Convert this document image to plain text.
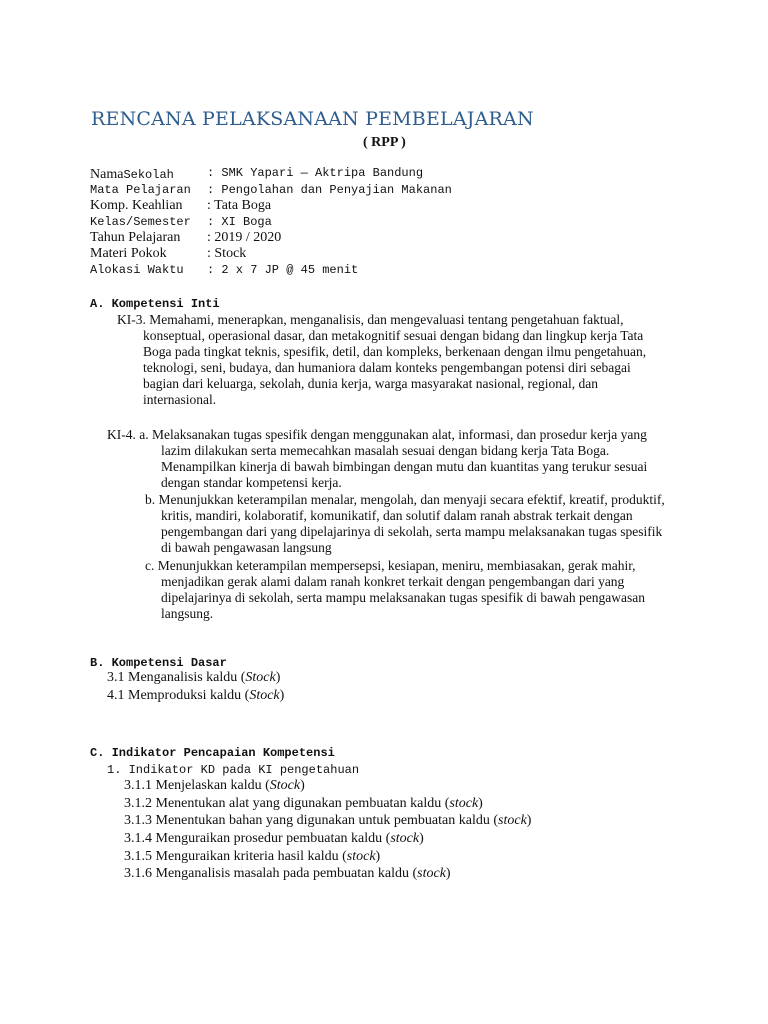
RENCANA PELAKSANAAN PEMBELAJARAN
( RPP )
NamaSekolah	: SMK Yapari — Aktripa Bandung
Mata Pelajaran : Pengolahan dan Penyajian Makanan
Komp. Keahlian : Tata Boga
Kelas/Semester : XI Boga
Tahun Pelajaran : 2019 / 2020
Materi Pokok	: Stock
Alokasi Waktu : 2 x 7 JP @ 45 menit
A. Kompetensi Inti
KI-3. Memahami, menerapkan, menganalisis, dan mengevaluasi tentang pengetahuan faktual,
konseptual, operasional dasar, dan metakognitif sesuai dengan bidang dan lingkup kerja Tata
Boga pada tingkat teknis, spesifik, detil, dan kompleks, berkenaan dengan ilmu pengetahuan,
teknologi, seni, budaya, dan humaniora dalam konteks pengembangan potensi diri sebagai
bagian dari keluarga, sekolah, dunia kerja, warga masyarakat nasional, regional, dan
internasional.
KI-4. a. Melaksanakan tugas spesifik dengan menggunakan alat, informasi, dan prosedur kerja yang
lazim dilakukan serta memecahkan masalah sesuai dengan bidang kerja Tata Boga.
Menampilkan kinerja di bawah bimbingan dengan mutu dan kuantitas yang terukur sesuai
dengan standar kompetensi kerja.
b. Menunjukkan keterampilan menalar, mengolah, dan menyaji secara efektif, kreatif, produktif,
kritis, mandiri, kolaboratif, komunikatif, dan solutif dalam ranah abstrak terkait dengan
pengembangan dari yang dipelajarinya di sekolah, serta mampu melaksanakan tugas spesifik
di bawah pengawasan langsung
c. Menunjukkan keterampilan mempersepsi, kesiapan, meniru, membiasakan, gerak mahir,
menjadikan gerak alami dalam ranah konkret terkait dengan pengembangan dari yang
dipelajarinya di sekolah, serta mampu melaksanakan tugas spesifik di bawah pengawasan
langsung.
B. Kompetensi Dasar
3.1 Menganalisis kaldu (Stock)
4.1 Memproduksi kaldu (Stock)
C. Indikator Pencapaian Kompetensi
1. Indikator KD pada KI pengetahuan
3.1.1 Menjelaskan kaldu (Stock)
3.1.2 Menentukan alat yang digunakan pembuatan kaldu (stock)
3.1.3 Menentukan bahan yang digunakan untuk pembuatan kaldu (stock)
3.1.4 Menguraikan prosedur pembuatan kaldu (stock)
3.1.5 Menguraikan kriteria hasil kaldu (stock)
3.1.6 Menganalisis masalah pada pembuatan kaldu (stock)
